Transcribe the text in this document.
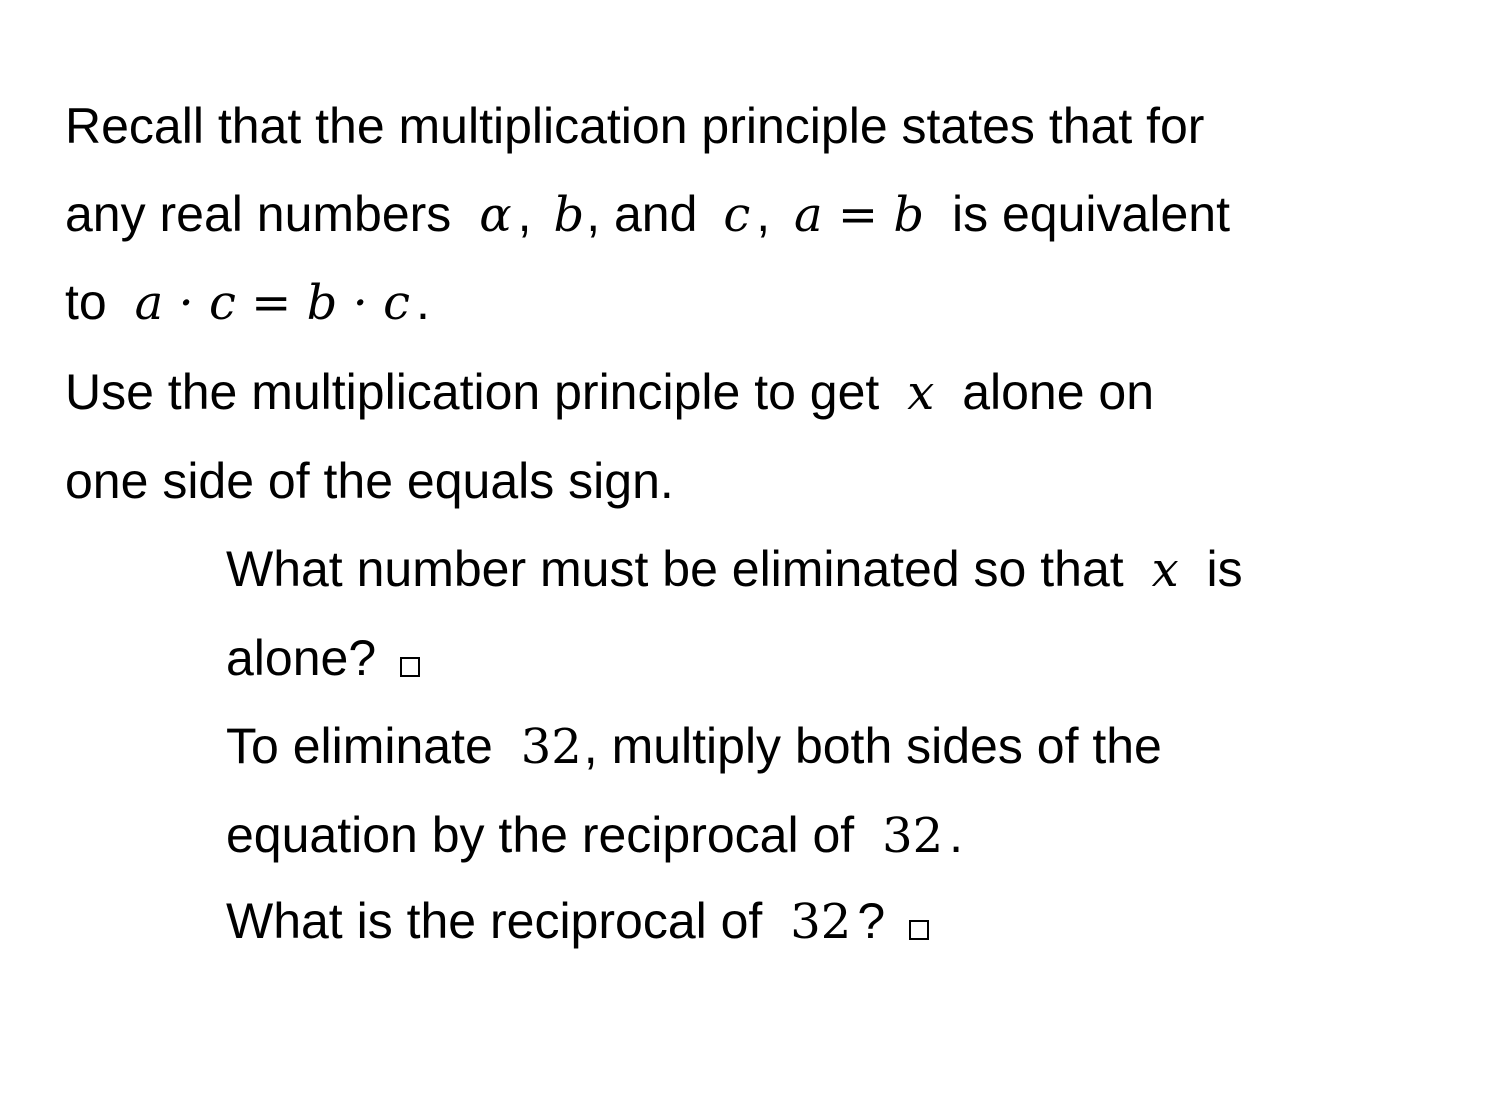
Recall that the multiplication principle states that for
any real numbers α , b, and c , a = b is equivalent
to a · c = b · c .
Use the multiplication principle to get x alone on
one side of the equals sign.
What number must be eliminated so that x is
alone?
To eliminate 32, multiply both sides of the
equation by the reciprocal of 32 .
What is the reciprocal of 32 ?
